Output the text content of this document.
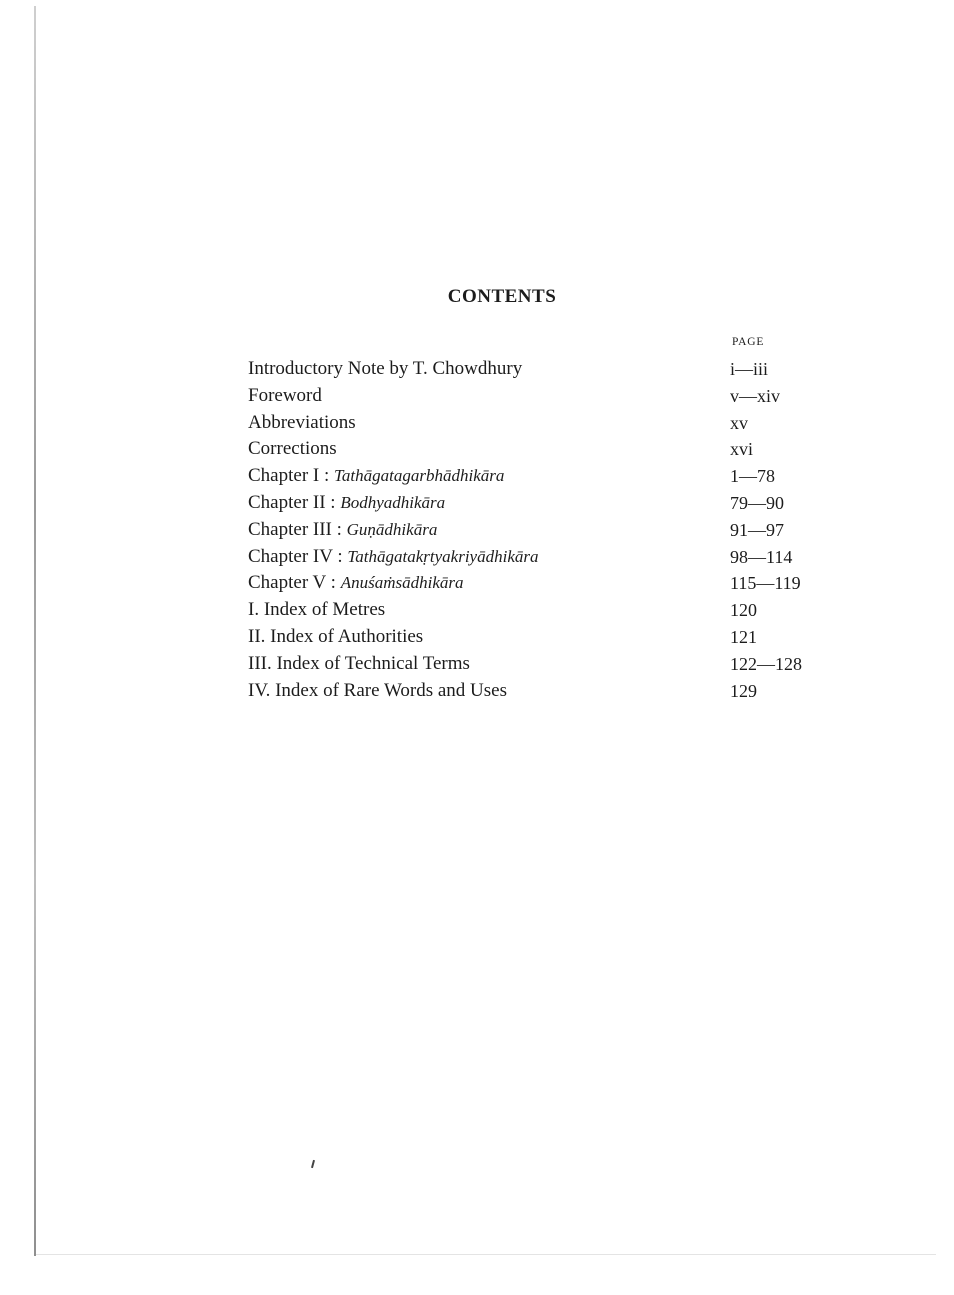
CONTENTS
PAGE
Introductory Note by T. Chowdhury	i—iii
Foreword	v—xiv
Abbreviations	xv
Corrections	xvi
Chapter I : Tathāgatagarbhādhikāra	1—78
Chapter II : Bodhyadhikāra	79—90
Chapter III : Guṇādhikāra	91—97
Chapter IV : Tathāgatakṛtyakriyādhikāra	98—114
Chapter V : Anuśaṁsādhikāra	115—119
I. Index of Metres	120
II. Index of Authorities	121
III. Index of Technical Terms	122—128
IV. Index of Rare Words and Uses	129
